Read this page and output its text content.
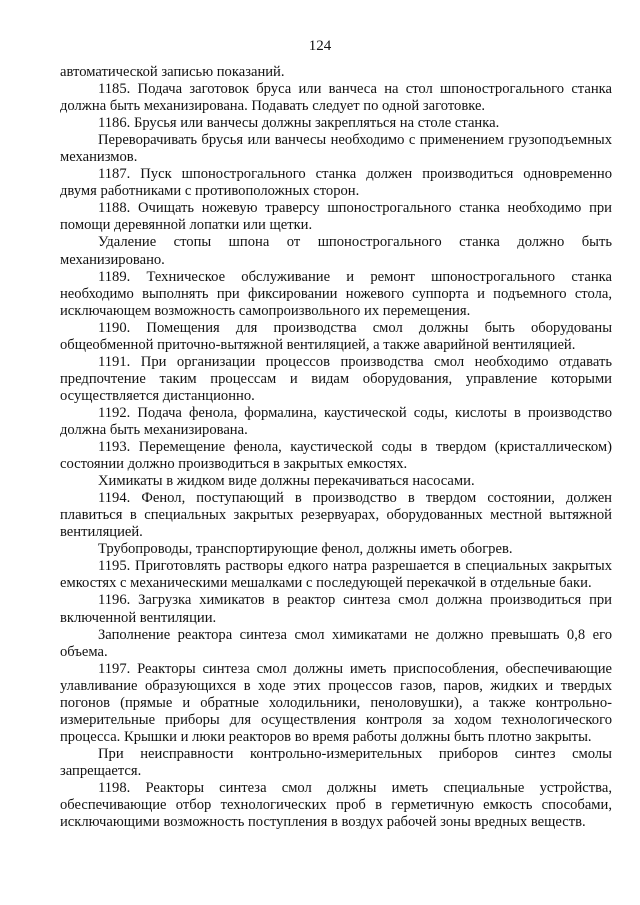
124

автоматической записью показаний.

1185. Подача заготовок бруса или ванчеса на стол шпонострогального станка должна быть механизирована. Подавать следует по одной заготовке.

1186. Брусья или ванчесы должны закрепляться на столе станка.

Переворачивать брусья или ванчесы необходимо с применением грузоподъемных механизмов.

1187. Пуск шпонострогального станка должен производиться одновременно двумя работниками с противоположных сторон.

1188. Очищать ножевую траверсу шпонострогального станка необходимо при помощи деревянной лопатки или щетки.

Удаление стопы шпона от шпонострогального станка должно быть механизировано.

1189. Техническое обслуживание и ремонт шпонострогального станка необходимо выполнять при фиксировании ножевого суппорта и подъемного стола, исключающем возможность самопроизвольного их перемещения.

1190. Помещения для производства смол должны быть оборудованы общеобменной приточно-вытяжной вентиляцией, а также аварийной вентиляцией.

1191. При организации процессов производства смол необходимо отдавать предпочтение таким процессам и видам оборудования, управление которыми осуществляется дистанционно.

1192. Подача фенола, формалина, каустической соды, кислоты в производство должна быть механизирована.

1193. Перемещение фенола, каустической соды в твердом (кристаллическом) состоянии должно производиться в закрытых емкостях.

Химикаты в жидком виде должны перекачиваться насосами.

1194. Фенол, поступающий в производство в твердом состоянии, должен плавиться в специальных закрытых резервуарах, оборудованных местной вытяжной вентиляцией.

Трубопроводы, транспортирующие фенол, должны иметь обогрев.

1195. Приготовлять растворы едкого натра разрешается в специальных закрытых емкостях с механическими мешалками с последующей перекачкой в отдельные баки.

1196. Загрузка химикатов в реактор синтеза смол должна производиться при включенной вентиляции.

Заполнение реактора синтеза смол химикатами не должно превышать 0,8 его объема.

1197. Реакторы синтеза смол должны иметь приспособления, обеспечивающие улавливание образующихся в ходе этих процессов газов, паров, жидких и твердых погонов (прямые и обратные холодильники, пеноловушки), а также контрольно-измерительные приборы для осуществления контроля за ходом технологического процесса. Крышки и люки реакторов во время работы должны быть плотно закрыты.

При неисправности контрольно-измерительных приборов синтез смолы запрещается.

1198. Реакторы синтеза смол должны иметь специальные устройства, обеспечивающие отбор технологических проб в герметичную емкость способами, исключающими возможность поступления в воздух рабочей зоны вредных веществ.
